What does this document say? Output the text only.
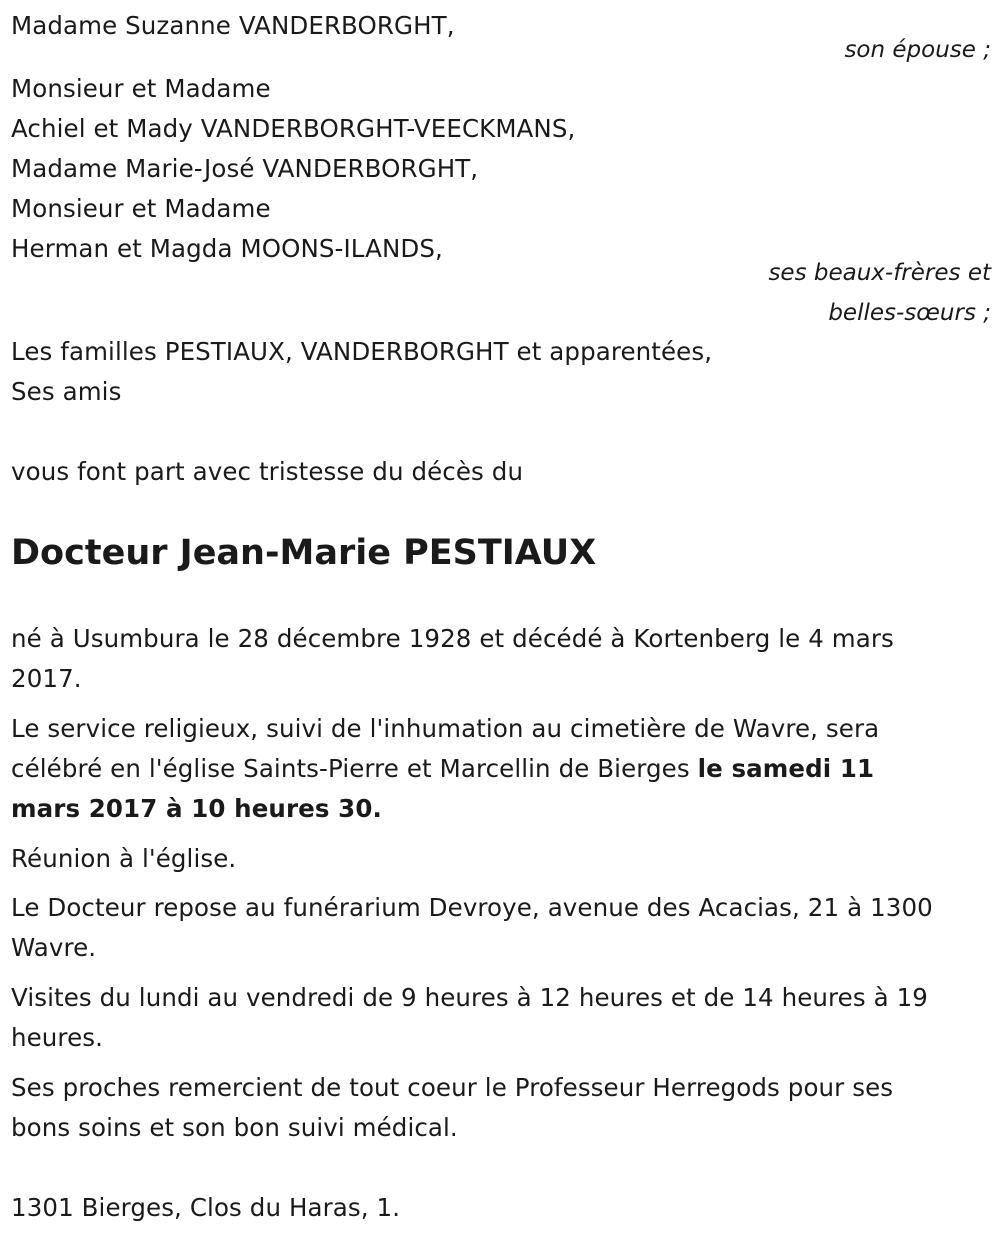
Madame Suzanne VANDERBORGHT,
son épouse ;
Monsieur et Madame
Achiel et Mady VANDERBORGHT-VEECKMANS,
Madame Marie-José VANDERBORGHT,
Monsieur et Madame
Herman et Magda MOONS-ILANDS,
ses beaux-frères et
belles-sœurs ;
Les familles PESTIAUX, VANDERBORGHT et apparentées,
Ses amis
vous font part avec tristesse du décès du
Docteur Jean-Marie PESTIAUX
né à Usumbura le 28 décembre 1928 et décédé à Kortenberg le 4 mars
2017.
Le service religieux, suivi de l'inhumation au cimetière de Wavre, sera
célébré en l'église Saints-Pierre et Marcellin de Bierges le samedi 11
mars 2017 à 10 heures 30.
Réunion à l'église.
Le Docteur repose au funérarium Devroye, avenue des Acacias, 21 à 1300
Wavre.
Visites du lundi au vendredi de 9 heures à 12 heures et de 14 heures à 19
heures.
Ses proches remercient de tout coeur le Professeur Herregods pour ses
bons soins et son bon suivi médical.
1301 Bierges, Clos du Haras, 1.
